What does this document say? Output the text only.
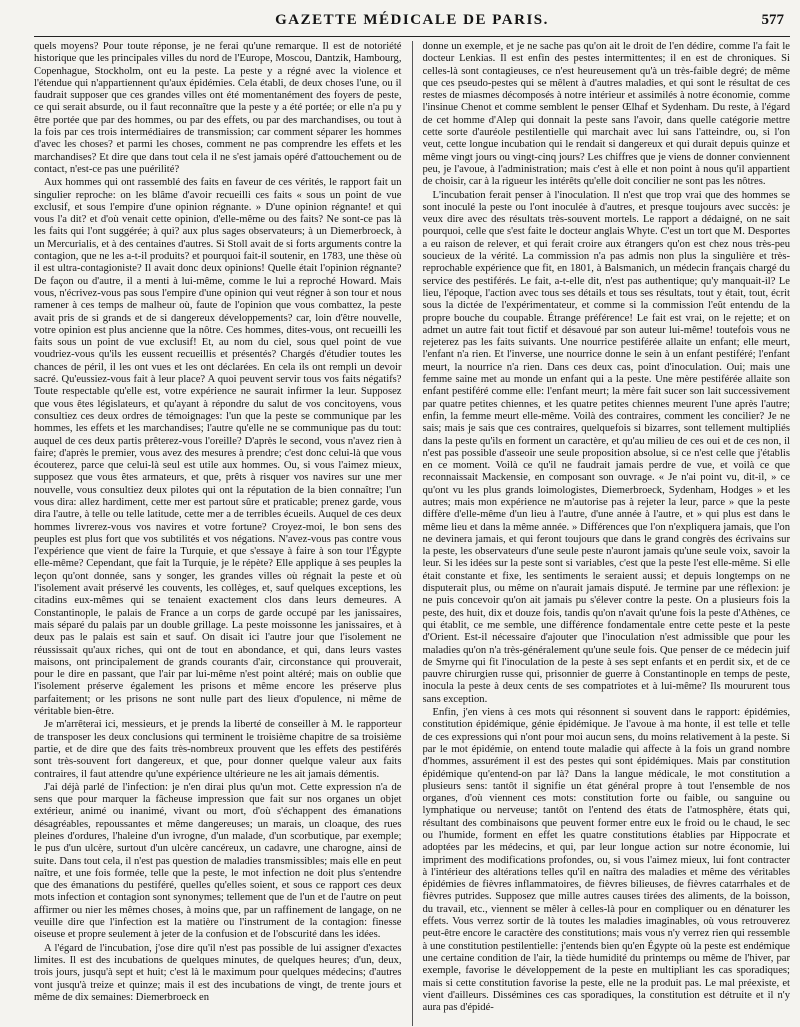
GAZETTE MÉDICALE DE PARIS.	577

quels moyens? Pour toute réponse, je ne ferai qu'une remarque. Il est de notoriété historique que les principales villes du nord de l'Europe, Moscou, Dantzik, Hambourg, Copenhague, Stockholm, ont eu la peste. La peste y a régné avec la violence et l'étendue qui n'appartiennent qu'aux épidémies. Cela établi, de deux choses l'une, ou il faudrait supposer que ces grandes villes ont été momentanément des foyers de peste, ce qui serait absurde, ou il faut reconnaître que la peste y a été portée; or elle n'a pu y être portée que par des hommes, ou par des effets, ou par des marchandises, ou tout à la fois par ces trois intermédiaires de transmission; car comment séparer les hommes d'avec les choses? et parmi les choses, comment ne pas comprendre les effets et les marchandises? Et dire que dans tout cela il ne s'est jamais opéré d'attouchement ou de contact, n'est-ce pas une puérilité?

Aux hommes qui ont rassemblé des faits en faveur de ces vérités, le rapport fait un singulier reproche: on les blâme d'avoir recueilli ces faits « sous un point de vue exclusif, et sous l'empire d'une opinion régnante. » D'une opinion régnante! et qui vous l'a dit? et d'où venait cette opinion, d'elle-même ou des faits? Ne sont-ce pas là les faits qui l'ont suggérée; à qui? aux plus sages observateurs; à un Diemerbroeck, à un Mercurialis, et à des centaines d'autres. Si Stoll avait de si forts arguments contre la contagion, que ne les a-t-il produits? et pourquoi fait-il soutenir, en 1783, une thèse où il est ultra-contagioniste? Il avait donc deux opinions! Quelle était l'opinion régnante? De façon ou d'autre, il a menti à lui-même, comme le lui a reproché Howard. Mais vous, n'écrivez-vous pas sous l'empire d'une opinion qui veut régner à son tour et nous ramener à ces temps de malheur où, faute de l'opinion que vous combattez, la peste avait pris de si grands et de si dangereux développements? car, loin d'être nouvelle, votre opinion est plus ancienne que la nôtre. Ces hommes, dites-vous, ont recueilli les faits sous un point de vue exclusif! Et, au nom du ciel, sous quel point de vue voudriez-vous qu'ils les eussent recueillis et présentés? Chargés d'étudier toutes les chances de péril, il les ont vues et les ont déclarées. En cela ils ont rempli un devoir sacré. Qu'eussiez-vous fait à leur place? A quoi peuvent servir tous vos faits négatifs? Toute respectable qu'elle est, votre expérience ne saurait infirmer la leur. Supposez que vous êtes législateurs, et qu'ayant à répondre du salut de vos concitoyens, vous consultiez ces deux ordres de témoignages: l'un que la peste se communique par les hommes, les effets et les marchandises; l'autre qu'elle ne se communique pas du tout: auquel de ces deux partis prêterez-vous l'oreille? D'après le second, vous n'avez rien à faire; d'après le premier, vous avez des mesures à prendre; c'est donc celui-là que vous écouterez, parce que celui-là seul est utile aux hommes. Ou, si vous l'aimez mieux, supposez que vous êtes armateurs, et que, prêts à risquer vos navires sur une mer nouvelle, vous consultiez deux pilotes qui ont la réputation de la bien connaître; l'un vous dira: allez hardiment, cette mer est partout sûre et praticable; prenez garde, vous dira l'autre, à telle ou telle latitude, cette mer a de terribles écueils. Auquel de ces deux hommes livrerez-vous vos navires et votre fortune? Croyez-moi, le bon sens des peuples est plus fort que vos subtilités et vos négations. N'avez-vous pas contre vous l'expérience que vient de faire la Turquie, et que s'essaye à faire à son tour l'Égypte elle-même? Cependant, que fait la Turquie, je le répète? Elle applique à ses peuples la leçon qu'ont donnée, sans y songer, les grandes villes où régnait la peste et où l'isolement avait préservé les couvents, les collèges, et, sauf quelques exceptions, les citadins eux-mêmes qui se tenaient exactement clos dans leurs demeures. A Constantinople, le palais de France a un corps de garde occupé par les janissaires, mais séparé du palais par un double grillage. La peste moissonne les janissaires, et à deux pas le palais est sain et sauf. On disait ici l'autre jour que l'isolement ne réussissait qu'aux riches, qui ont de tout en abondance, et qui, dans leurs vastes maisons, ont principalement de grands courants d'air, circonstance qui prouverait, pour le dire en passant, que l'air par lui-même n'est point altéré; mais on oublie que l'isolement préserve également les prisons et même encore les préserve plus parfaitement; or les prisons ne sont nulle part des lieux d'opulence, ni même de véritable bien-être.

Je m'arrêterai ici, messieurs, et je prends la liberté de conseiller à M. le rapporteur de transposer les deux conclusions qui terminent le troisième chapitre de sa troisième partie, et de dire que des faits très-nombreux prouvent que les effets des pestiférés sont très-souvent fort dangereux, et que, pour donner quelque valeur aux faits contraires, il faut attendre qu'une expérience ultérieure ne les ait jamais démentis.

J'ai déjà parlé de l'infection: je n'en dirai plus qu'un mot. Cette expression n'a de sens que pour marquer la fâcheuse impression que fait sur nos organes un objet extérieur, animé ou inanimé, vivant ou mort, d'où s'échappent des émanations désagréables, repoussantes et même dangereuses; un marais, un cloaque, des rues pleines d'ordures, l'haleine d'un ivrogne, d'un malade, d'un scorbutique, par exemple; le pus d'un ulcère, surtout d'un ulcère cancéreux, un cadavre, une charogne, ainsi de suite. Dans tout cela, il n'est pas question de maladies transmissibles; mais elle en peut naître, et une fois formée, telle que la peste, le mot infection ne doit plus s'entendre que des émanations du pestiféré, quelles qu'elles soient, et sous ce rapport ces deux mots infection et contagion sont synonymes; tellement que de l'un et de l'autre on peut affirmer ou nier les mêmes choses, à moins que, par un raffinement de langage, on ne veuille dire que l'infection est la matière ou l'instrument de la contagion: finesse oiseuse et propre seulement à jeter de la confusion et de l'obscurité dans les idées.

A l'égard de l'incubation, j'ose dire qu'il n'est pas possible de lui assigner d'exactes limites. Il est des incubations de quelques minutes, de quelques heures; d'un, deux, trois jours, jusqu'à sept et huit; c'est là le maximum pour quelques médecins; d'autres vont jusqu'à treize et quinze; mais il est des incubations de vingt, de trente jours et même de dix semaines: Diemerbroeck en

donne un exemple, et je ne sache pas qu'on ait le droit de l'en dédire, comme l'a fait le docteur Lenkias. Il est enfin des pestes intermittentes; il en est de chroniques. Si celles-là sont contagieuses, ce n'est heureusement qu'à un très-faible degré; de même que ces pseudo-pestes qui se mêlent à d'autres maladies, et qui sont le résultat de ces restes de miasmes décomposés à notre intérieur et assimilés à notre économie, comme l'insinue Chenot et comme semblent le penser Œlhaf et Sydenham. Du reste, à l'égard de cet homme d'Alep qui donnait la peste sans l'avoir, dans quelle catégorie mettre cette sorte d'auréole pestilentielle qui marchait avec lui sans l'atteindre, ou, si l'on veut, cette longue incubation qui le rendait si dangereux et qui durait depuis quinze et même vingt jours ou vingt-cinq jours? Les chiffres que je viens de donner conviennent peu, je l'avoue, à l'administration; mais c'est à elle et non point à nous qu'il appartient de choisir, car à la rigueur les intérêts qu'elle doit concilier ne sont pas les nôtres.

L'incubation ferait penser à l'inoculation. Il n'est que trop vrai que des hommes se sont inoculé la peste ou l'ont inoculée à d'autres, et presque toujours avec succès: je veux dire avec des résultats très-souvent mortels. Le rapport a dédaigné, on ne sait pourquoi, celle que s'est faite le docteur anglais Whyte. C'est un tort que M. Desportes a eu raison de relever, et qui ferait croire aux étrangers qu'on est chez nous très-peu soucieux de la vérité. La commission n'a pas admis non plus la singulière et très-reprochable expérience que fit, en 1801, à Balsmanich, un médecin français chargé du service des pestiférés. Le fait, a-t-elle dit, n'est pas authentique; qu'y manquait-il? Le lieu, l'époque, l'action avec tous ses détails et tous ses résultats, tout y était, tout, écrit sous la dictée de l'expérimentateur, et comme si la commission l'eût entendu de la propre bouche du coupable. Étrange préférence! Le fait est vrai, on le rejette; et on admet un autre fait tout fictif et désavoué par son auteur lui-même! toutefois vous ne rejeterez pas les faits suivants. Une nourrice pestiférée allaite un enfant; elle meurt, l'enfant n'a rien. Et l'inverse, une nourrice donne le sein à un enfant pestiféré; l'enfant meurt, la nourrice n'a rien. Dans ces deux cas, point d'inoculation. Oui; mais une femme saine met au monde un enfant qui a la peste. Une mère pestiférée allaite son enfant pestiféré comme elle: l'enfant meurt; la mère fait sucer son lait successivement par quatre petites chiennes, et les quatre petites chiennes meurent l'une après l'autre; enfin, la femme meurt elle-même. Voilà des contraires, comment les concilier? Je ne sais; mais je sais que ces contraires, quelquefois si bizarres, sont tellement multipliés dans la peste qu'ils en forment un caractère, et qu'au milieu de ces oui et de ces non, il n'est pas possible d'asseoir une seule proposition absolue, si ce n'est celle que j'établis en ce moment. Voilà ce qu'il ne faudrait jamais perdre de vue, et voilà ce que reconnaissait Mackensie, en composant son ouvrage. « Je n'ai point vu, dit-il, » ce qu'ont vu les plus grands loimologistes, Diemerbroeck, Sydenham, Hodges » et les autres; mais mon expérience ne m'autorise pas à rejeter la leur, parce » que la peste diffère d'elle-même d'un lieu à l'autre, d'une année à l'autre, et » qui plus est dans le même lieu et dans la même année. » Différences que l'on n'expliquera jamais, que l'on ne devinera jamais, et qui feront toujours que dans le grand congrès des écrivains sur la peste, les observateurs d'une seule peste n'auront jamais qu'une seule voix, savoir la leur. Si les idées sur la peste sont si variables, c'est que la peste l'est elle-même. Si elle était constante et fixe, les sentiments le seraient aussi; et depuis longtemps on ne disputerait plus, ou même on n'aurait jamais disputé. Je termine par une réflexion: je ne puis concevoir qu'on ait jamais pu s'élever contre la peste. On a plusieurs fois la peste, des huit, dix et douze fois, tandis qu'on n'avait qu'une fois la peste d'Athènes, ce qui établit, ce me semble, une différence fondamentale entre cette peste et la peste d'Orient. Est-il nécessaire d'ajouter que l'inoculation n'est admissible que pour les maladies qu'on n'a très-généralement qu'une seule fois. Que penser de ce médecin juif de Smyrne qui fit l'inoculation de la peste à ses sept enfants et en perdit six, et de ce pauvre chirurgien russe qui, prisonnier de guerre à Constantinople en temps de peste, inocula la peste à deux cents de ses compatriotes et à lui-même? Ils moururent tous sans exception.

Enfin, j'en viens à ces mots qui résonnent si souvent dans le rapport: épidémies, constitution épidémique, génie épidémique. Je l'avoue à ma honte, il est telle et telle de ces expressions qui n'ont pour moi aucun sens, du moins relativement à la peste. Si par le mot épidémie, on entend toute maladie qui affecte à la fois un grand nombre d'hommes, assurément il est des pestes qui sont épidémiques. Mais par constitution épidémique qu'entend-on par là? Dans la langue médicale, le mot constitution a plusieurs sens: tantôt il signifie un état général propre à tout l'ensemble de nos organes, d'où viennent ces mots: constitution forte ou faible, ou sanguine ou lymphatique ou nerveuse; tantôt on l'entend des états de l'atmosphère, états qui, résultant des combinaisons que peuvent former entre eux le froid ou le chaud, le sec ou l'humide, forment en effet les quatre constitutions établies par Hippocrate et adoptées par les médecins, et qui, par leur longue action sur notre économie, lui impriment des modifications profondes, ou, si vous l'aimez mieux, lui font contracter à l'intérieur des altérations telles qu'il en naîtra des maladies et même des véritables épidémies de fièvres inflammatoires, de fièvres bilieuses, de fièvres catarrhales et de fièvres putrides. Supposez que mille autres causes tirées des aliments, de la boisson, du travail, etc., viennent se mêler à celles-là pour en compliquer ou en dénaturer les effets. Vous verrez sortir de là toutes les maladies imaginables, où vous retrouverez peut-être encore le caractère des constitutions; mais vous n'y verrez rien qui ressemble à une constitution pestilentielle: j'entends bien qu'en Égypte où la peste est endémique une certaine condition de l'air, la tiède humidité du printemps ou même de l'hiver, par exemple, favorise le développement de la peste en multipliant les cas sporadiques; mais si cette constitution favorise la peste, elle ne la produit pas. Le mal préexiste, et vient d'ailleurs. Dissémines ces cas sporadiques, la constitution est détruite et il n'y aura pas d'épidé-
